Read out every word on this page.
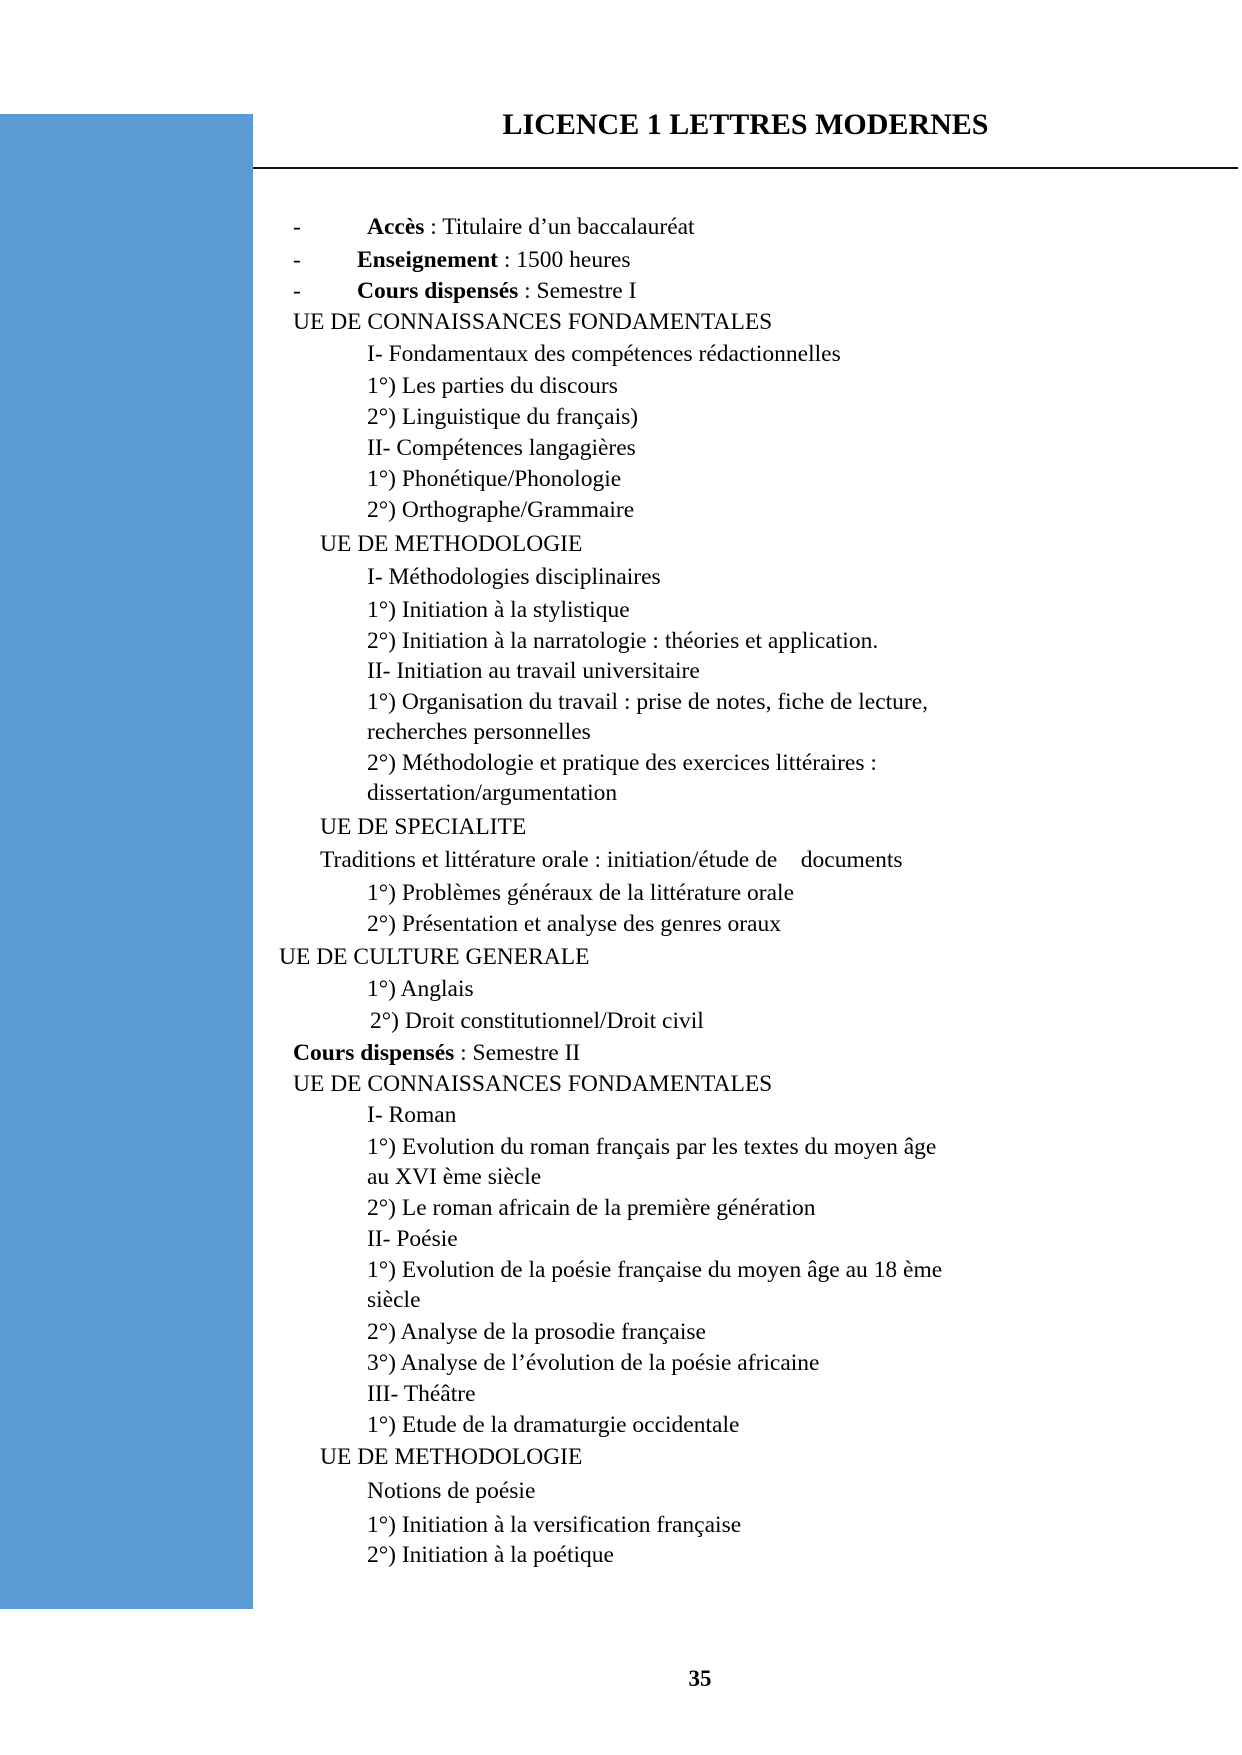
LICENCE 1 LETTRES MODERNES
-	Accès : Titulaire d’un baccalauréat
- Enseignement : 1500 heures
- Cours dispensés : Semestre I
UE DE CONNAISSANCES FONDAMENTALES
I- Fondamentaux des compétences rédactionnelles
1°) Les parties du discours
2°) Linguistique du français)
II- Compétences langagières
1°) Phonétique/Phonologie
2°) Orthographe/Grammaire
UE DE METHODOLOGIE
I- Méthodologies disciplinaires
1°) Initiation à la stylistique
2°) Initiation à la narratologie : théories et application.
II- Initiation au travail universitaire
1°) Organisation du travail : prise de notes, fiche de lecture,
recherches personnelles
2°) Méthodologie et pratique des exercices littéraires :
dissertation/argumentation
UE DE SPECIALITE
Traditions et littérature orale : initiation/étude de    documents
1°) Problèmes généraux de la littérature orale
2°) Présentation et analyse des genres oraux
UE DE CULTURE GENERALE
1°) Anglais
2°) Droit constitutionnel/Droit civil
Cours dispensés : Semestre II
UE DE CONNAISSANCES FONDAMENTALES
I- Roman
1°) Evolution du roman français par les textes du moyen âge
au XVI ème siècle
2°) Le roman africain de la première génération
II- Poésie
1°) Evolution de la poésie française du moyen âge au 18 ème
siècle
2°) Analyse de la prosodie française
3°) Analyse de l’évolution de la poésie africaine
III- Théâtre
1°) Etude de la dramaturgie occidentale
UE DE METHODOLOGIE
Notions de poésie
1°) Initiation à la versification française
2°) Initiation à la poétique
35
